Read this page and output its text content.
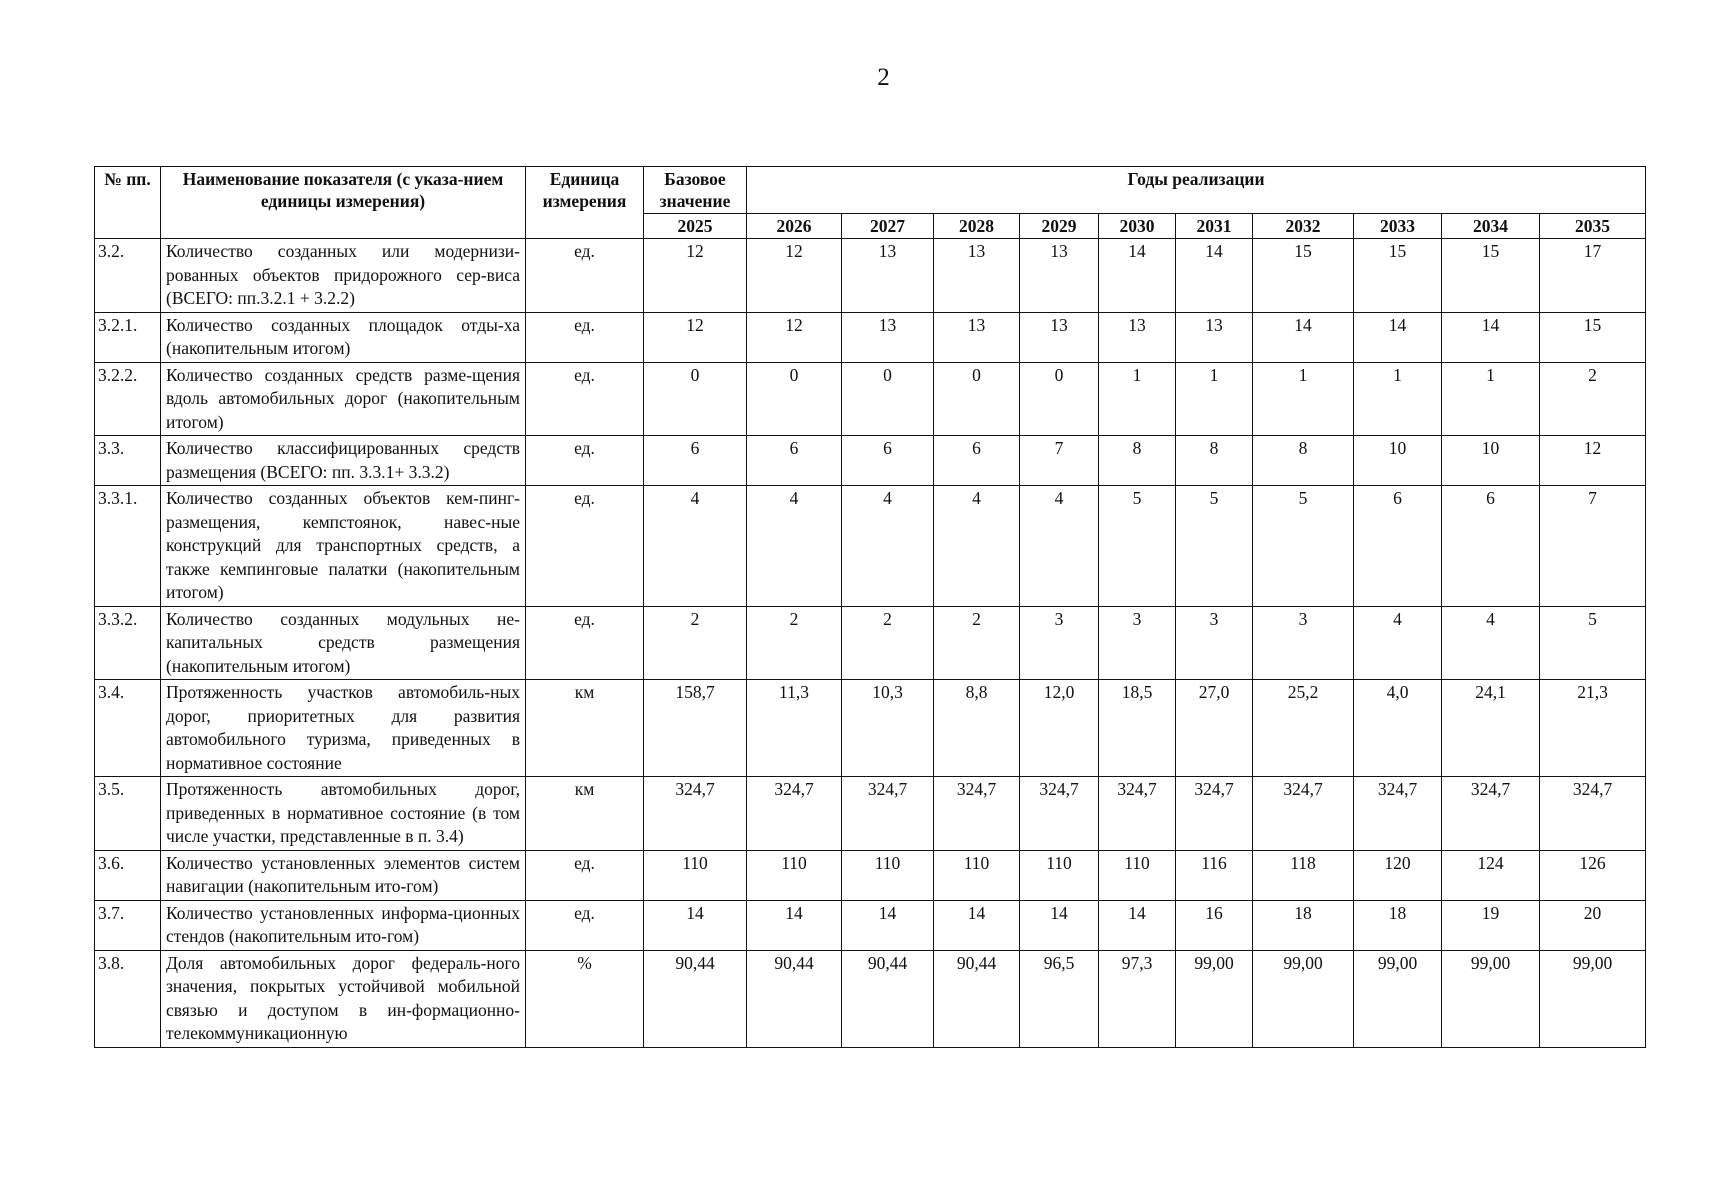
2
№ пп.	Наименование показателя (с указа-нием единицы измерения)	Единица измерения	Базовое значение	Годы реализации									
			2025	2026	2027	2028	2029	2030	2031	2032	2033	2034	2035
3.2.	Количество созданных или модернизи-рованных объектов придорожного сер-виса (ВСЕГО: пп.3.2.1 + 3.2.2)	ед.	12	12	13	13	13	14	14	15	15	15	17
3.2.1.	Количество созданных площадок отды-ха (накопительным итогом)	ед.	12	12	13	13	13	13	13	14	14	14	15
3.2.2.	Количество созданных средств разме-щения вдоль автомобильных дорог (накопительным итогом)	ед.	0	0	0	0	0	1	1	1	1	1	2
3.3.	Количество классифицированных средств размещения (ВСЕГО: пп. 3.3.1+ 3.3.2)	ед.	6	6	6	6	7	8	8	8	10	10	12
3.3.1.	Количество созданных объектов кем-пинг-размещения, кемпстоянок, навес-ные конструкций для транспортных средств, а также кемпинговые палатки (накопительным итогом)	ед.	4	4	4	4	4	5	5	5	6	6	7
3.3.2.	Количество созданных модульных не-капитальных средств размещения (накопительным итогом)	ед.	2	2	2	2	3	3	3	3	4	4	5
3.4.	Протяженность участков автомобиль-ных дорог, приоритетных для развития автомобильного туризма, приведенных в нормативное состояние	км	158,7	11,3	10,3	8,8	12,0	18,5	27,0	25,2	4,0	24,1	21,3
3.5.	Протяженность автомобильных дорог, приведенных в нормативное состояние (в том числе участки, представленные в п. 3.4)	км	324,7	324,7	324,7	324,7	324,7	324,7	324,7	324,7	324,7	324,7	324,7
3.6.	Количество установленных элементов систем навигации (накопительным ито-гом)	ед.	110	110	110	110	110	110	116	118	120	124	126
3.7.	Количество установленных информа-ционных стендов (накопительным ито-гом)	ед.	14	14	14	14	14	14	16	18	18	19	20
3.8.	Доля автомобильных дорог федераль-ного значения, покрытых устойчивой мобильной связью и доступом в ин-формационно-телекоммуникационную	%	90,44	90,44	90,44	90,44	96,5	97,3	99,00	99,00	99,00	99,00	99,00
